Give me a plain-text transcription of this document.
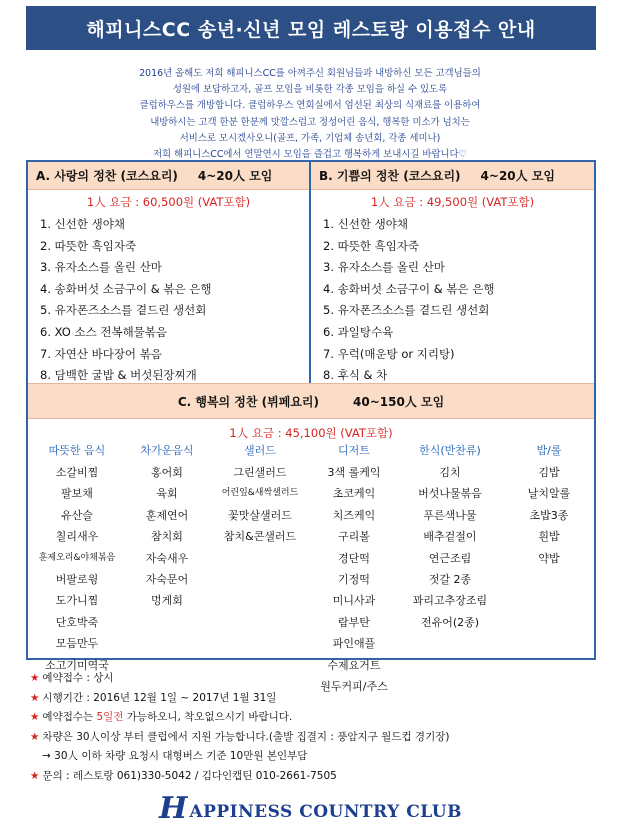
해피니스CC 송년·신년 모임 레스토랑 이용접수 안내
2016년 올해도 저희 해피니스CC를 아껴주신 회원님들과 내방하신 모든 고객님들의
성원에 보답하고자, 골프 모임을 비롯한 각종 모임을 하실 수 있도록
클럽하우스를 개방합니다. 클럽하우스 연회실에서 엄선된 최상의 식재료를 이용하여
내방하시는 고객 한분 한분께 맛깔스럽고 정성어린 음식, 행복한 미소가 넘치는
서비스로 모시겠사오니(골프, 가족, 기업체 송년회, 각종 세미나)
저희 해피니스CC에서 연말연시 모임을 즐겁고 행복하게 보내시길 바랍니다♡
A. 사랑의 정찬 (코스요리) 4~20人 모임
1人 요금 : 60,500원 (VAT포함)
1. 신선한 생야채
2. 따뜻한 흑임자죽
3. 유자소스를 올린 산마
4. 송화버섯 소금구이 & 볶은 은행
5. 유자폰즈소스를 곁드린 생선회
6. XO 소스 전복해물볶음
7. 자연산 바다장어 볶음
8. 담백한 굴밥 & 버섯된장찌개
B. 기쁨의 정찬 (코스요리) 4~20人 모임
1人 요금 : 49,500원 (VAT포함)
1. 신선한 생야채
2. 따뜻한 흑임자죽
3. 유자소스를 올린 산마
4. 송화버섯 소금구이 & 볶은 은행
5. 유자폰즈소스를 곁드린 생선회
6. 과일탕수육
7. 우럭(매운탕 or 지리탕)
8. 후식 & 차
C. 행복의 정찬 (뷔페요리)	40~150人 모임
1人 요금 : 45,100원 (VAT포함)
따뜻한 음식
소갈비찜
팔보채
유산슬
칠리새우
훈제오리&야채볶음
버팔로윙
도가니찜
단호박죽
모듬만두
소고기미역국
차가운음식
홍어회
육회
훈제연어
참치회
자숙새우
자숙문어
멍게회
샐러드
그린샐러드
어린잎&새싹샐러드
꽃맛살샐러드
참치&콘샐러드
디저트
3색 롤케익
초코케익
치즈케익
구리볼
경단떡
기정떡
미니사과
람부탄
파인애플
수제요거트
원두커피/주스
한식(반찬류)
김치
버섯나물볶음
푸른색나물
배추겉절이
연근조림
젓갈 2종
꽈리고추장조림
전유어(2종)
밥/롤
김밥
날치알롤
초밥3종
흰밥
약밥
★ 예약접수 : 상시
★ 시행기간 : 2016년 12월 1일 ~ 2017년 1월 31일
★ 예약접수는 5일전 가능하오니, 착오없으시기 바랍니다.
★ 차량은 30人이상 부터 클럽에서 지원 가능합니다.(출발 집결지 : 풍암지구 월드컵 경기장)
→ 30人 이하 차량 요청시 대형버스 기준 10만원 본인부담
★ 문의 : 레스토랑 061)330-5042 / 김다인캡틴 010-2661-7505
H APPINESS COUNTRY CLUB
